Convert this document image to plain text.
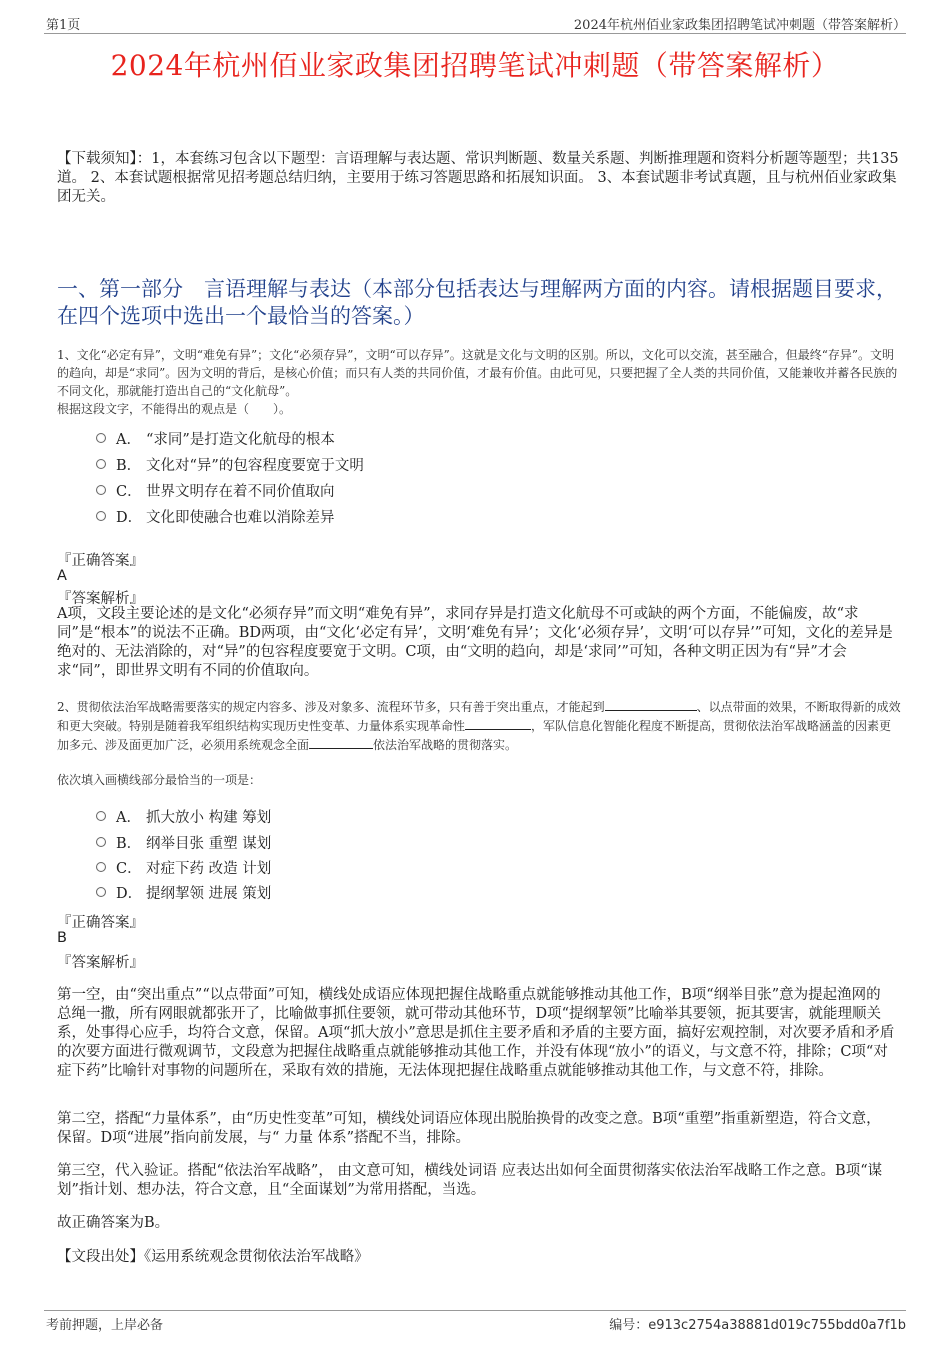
第1页	2024年杭州佰业家政集团招聘笔试冲刺题（带答案解析）
2024年杭州佰业家政集团招聘笔试冲刺题（带答案解析）
【下载须知】：1，本套练习包含以下题型：言语理解与表达题、常识判断题、数量关系题、判断推理题和资料分析题等题型；共135道。 2、本套试题根据常见招考题总结归纳，主要用于练习答题思路和拓展知识面。 3、本套试题非考试真题，且与杭州佰业家政集团无关。
一、第一部分　言语理解与表达（本部分包括表达与理解两方面的内容。请根据题目要求，在四个选项中选出一个最恰当的答案。）
1、文化“必定有异”，文明“难免有异”；文化“必须存异”，文明“可以存异”。这就是文化与文明的区别。所以，文化可以交流，甚至融合，但最终“存异”。文明的趋向，却是“求同”。因为文明的背后，是核心价值；而只有人类的共同价值，才最有价值。由此可见，只要把握了全人类的共同价值，又能兼收并蓄各民族的不同文化，那就能打造出自己的“文化航母”。
根据这段文字，不能得出的观点是（　　）。
A． “求同”是打造文化航母的根本
B． 文化对“异”的包容程度要宽于文明
C． 世界文明存在着不同价值取向
D． 文化即使融合也难以消除差异
『正确答案』
A
『答案解析』
A项，文段主要论述的是文化“必须存异”而文明“难免有异”，求同存异是打造文化航母不可或缺的两个方面，不能偏废，故“求同”是“根本”的说法不正确。BD两项，由“文化‘必定有异’，文明‘难免有异’；文化‘必须存异’，文明‘可以存异’”可知，文化的差异是绝对的、无法消除的，对“异”的包容程度要宽于文明。C项，由“文明的趋向，却是‘求同’”可知，各种文明正因为有“异”才会求“同”，即世界文明有不同的价值取向。
2、贯彻依法治军战略需要落实的规定内容多、涉及对象多、流程环节多，只有善于突出重点，才能起到	、以点带面的效果，不断取得新的成效和更大突破。特别是随着我军组织结构实现历史性变革、力量体系实现革命性	，军队信息化智能化程度不断提高，贯彻依法治军战略涵盖的因素更加多元、涉及面更加广泛，必须用系统观念全面	依法治军战略的贯彻落实。
依次填入画横线部分最恰当的一项是：
A． 抓大放小 构建 筹划
B． 纲举目张 重塑 谋划
C． 对症下药 改造 计划
D． 提纲挈领 进展 策划
『正确答案』
B
『答案解析』
第一空，由“突出重点”“以点带面”可知，横线处成语应体现把握住战略重点就能够推动其他工作，B项“纲举目张”意为提起渔网的总绳一撒，所有网眼就都张开了，比喻做事抓住要领，就可带动其他环节，D项“提纲挈领”比喻举其要领，扼其要害，就能理顺关系，处事得心应手，均符合文意，保留。A项“抓大放小”意思是抓住主要矛盾和矛盾的主要方面，搞好宏观控制，对次要矛盾和矛盾的次要方面进行微观调节，文段意为把握住战略重点就能够推动其他工作，并没有体现“放小”的语义，与文意不符，排除；C项“对症下药”比喻针对事物的问题所在，采取有效的措施，无法体现把握住战略重点就能够推动其他工作，与文意不符，排除。
第二空，搭配“力量体系”，由“历史性变革”可知，横线处词语应体现出脱胎换骨的改变之意。B项“重塑”指重新塑造，符合文意，保留。D项“进展”指向前发展，与“ 力量 体系”搭配不当，排除。
第三空，代入验证。搭配“依法治军战略”， 由文意可知，横线处词语 应表达出如何全面贯彻落实依法治军战略工作之意。B项“谋划”指计划、想办法，符合文意，且“全面谋划”为常用搭配，当选。
故正确答案为B。
【文段出处】《运用系统观念贯彻依法治军战略》
考前押题，上岸必备	编号：e913c2754a38881d019c755bdd0a7f1b
